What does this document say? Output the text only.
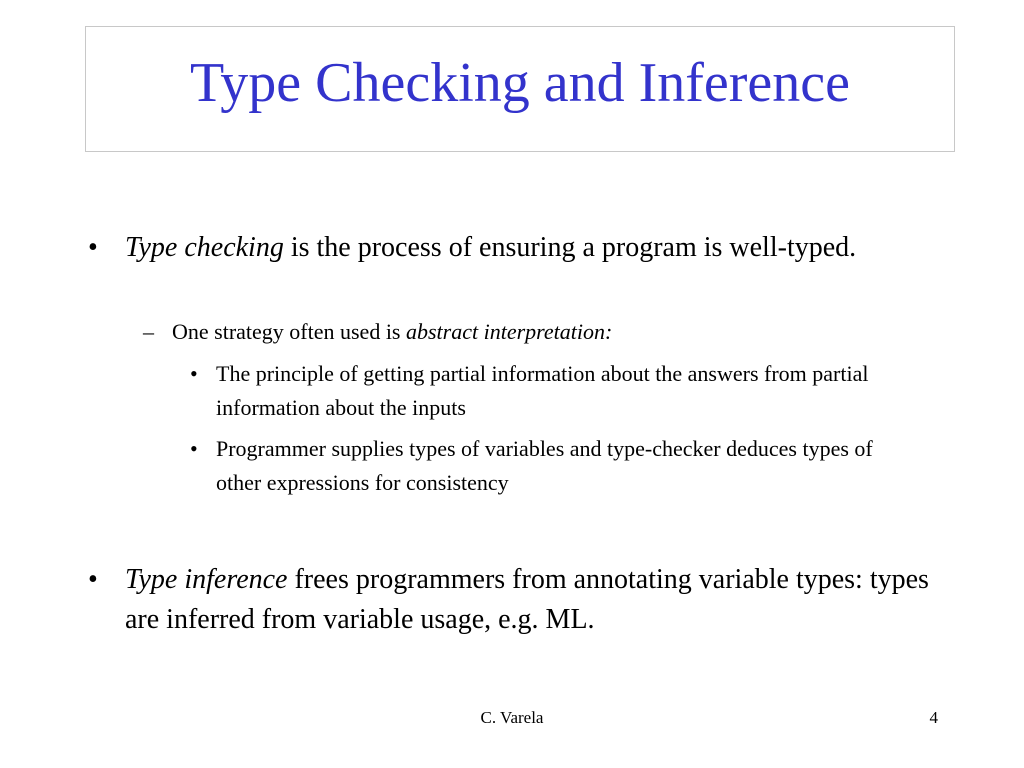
Type Checking and Inference
• Type checking is the process of ensuring a program is well-typed.
– One strategy often used is abstract interpretation:
• The principle of getting partial information about the answers from partial information about the inputs
• Programmer supplies types of variables and type-checker deduces types of other expressions for consistency
• Type inference frees programmers from annotating variable types: types are inferred from variable usage, e.g. ML.
C. Varela	4
